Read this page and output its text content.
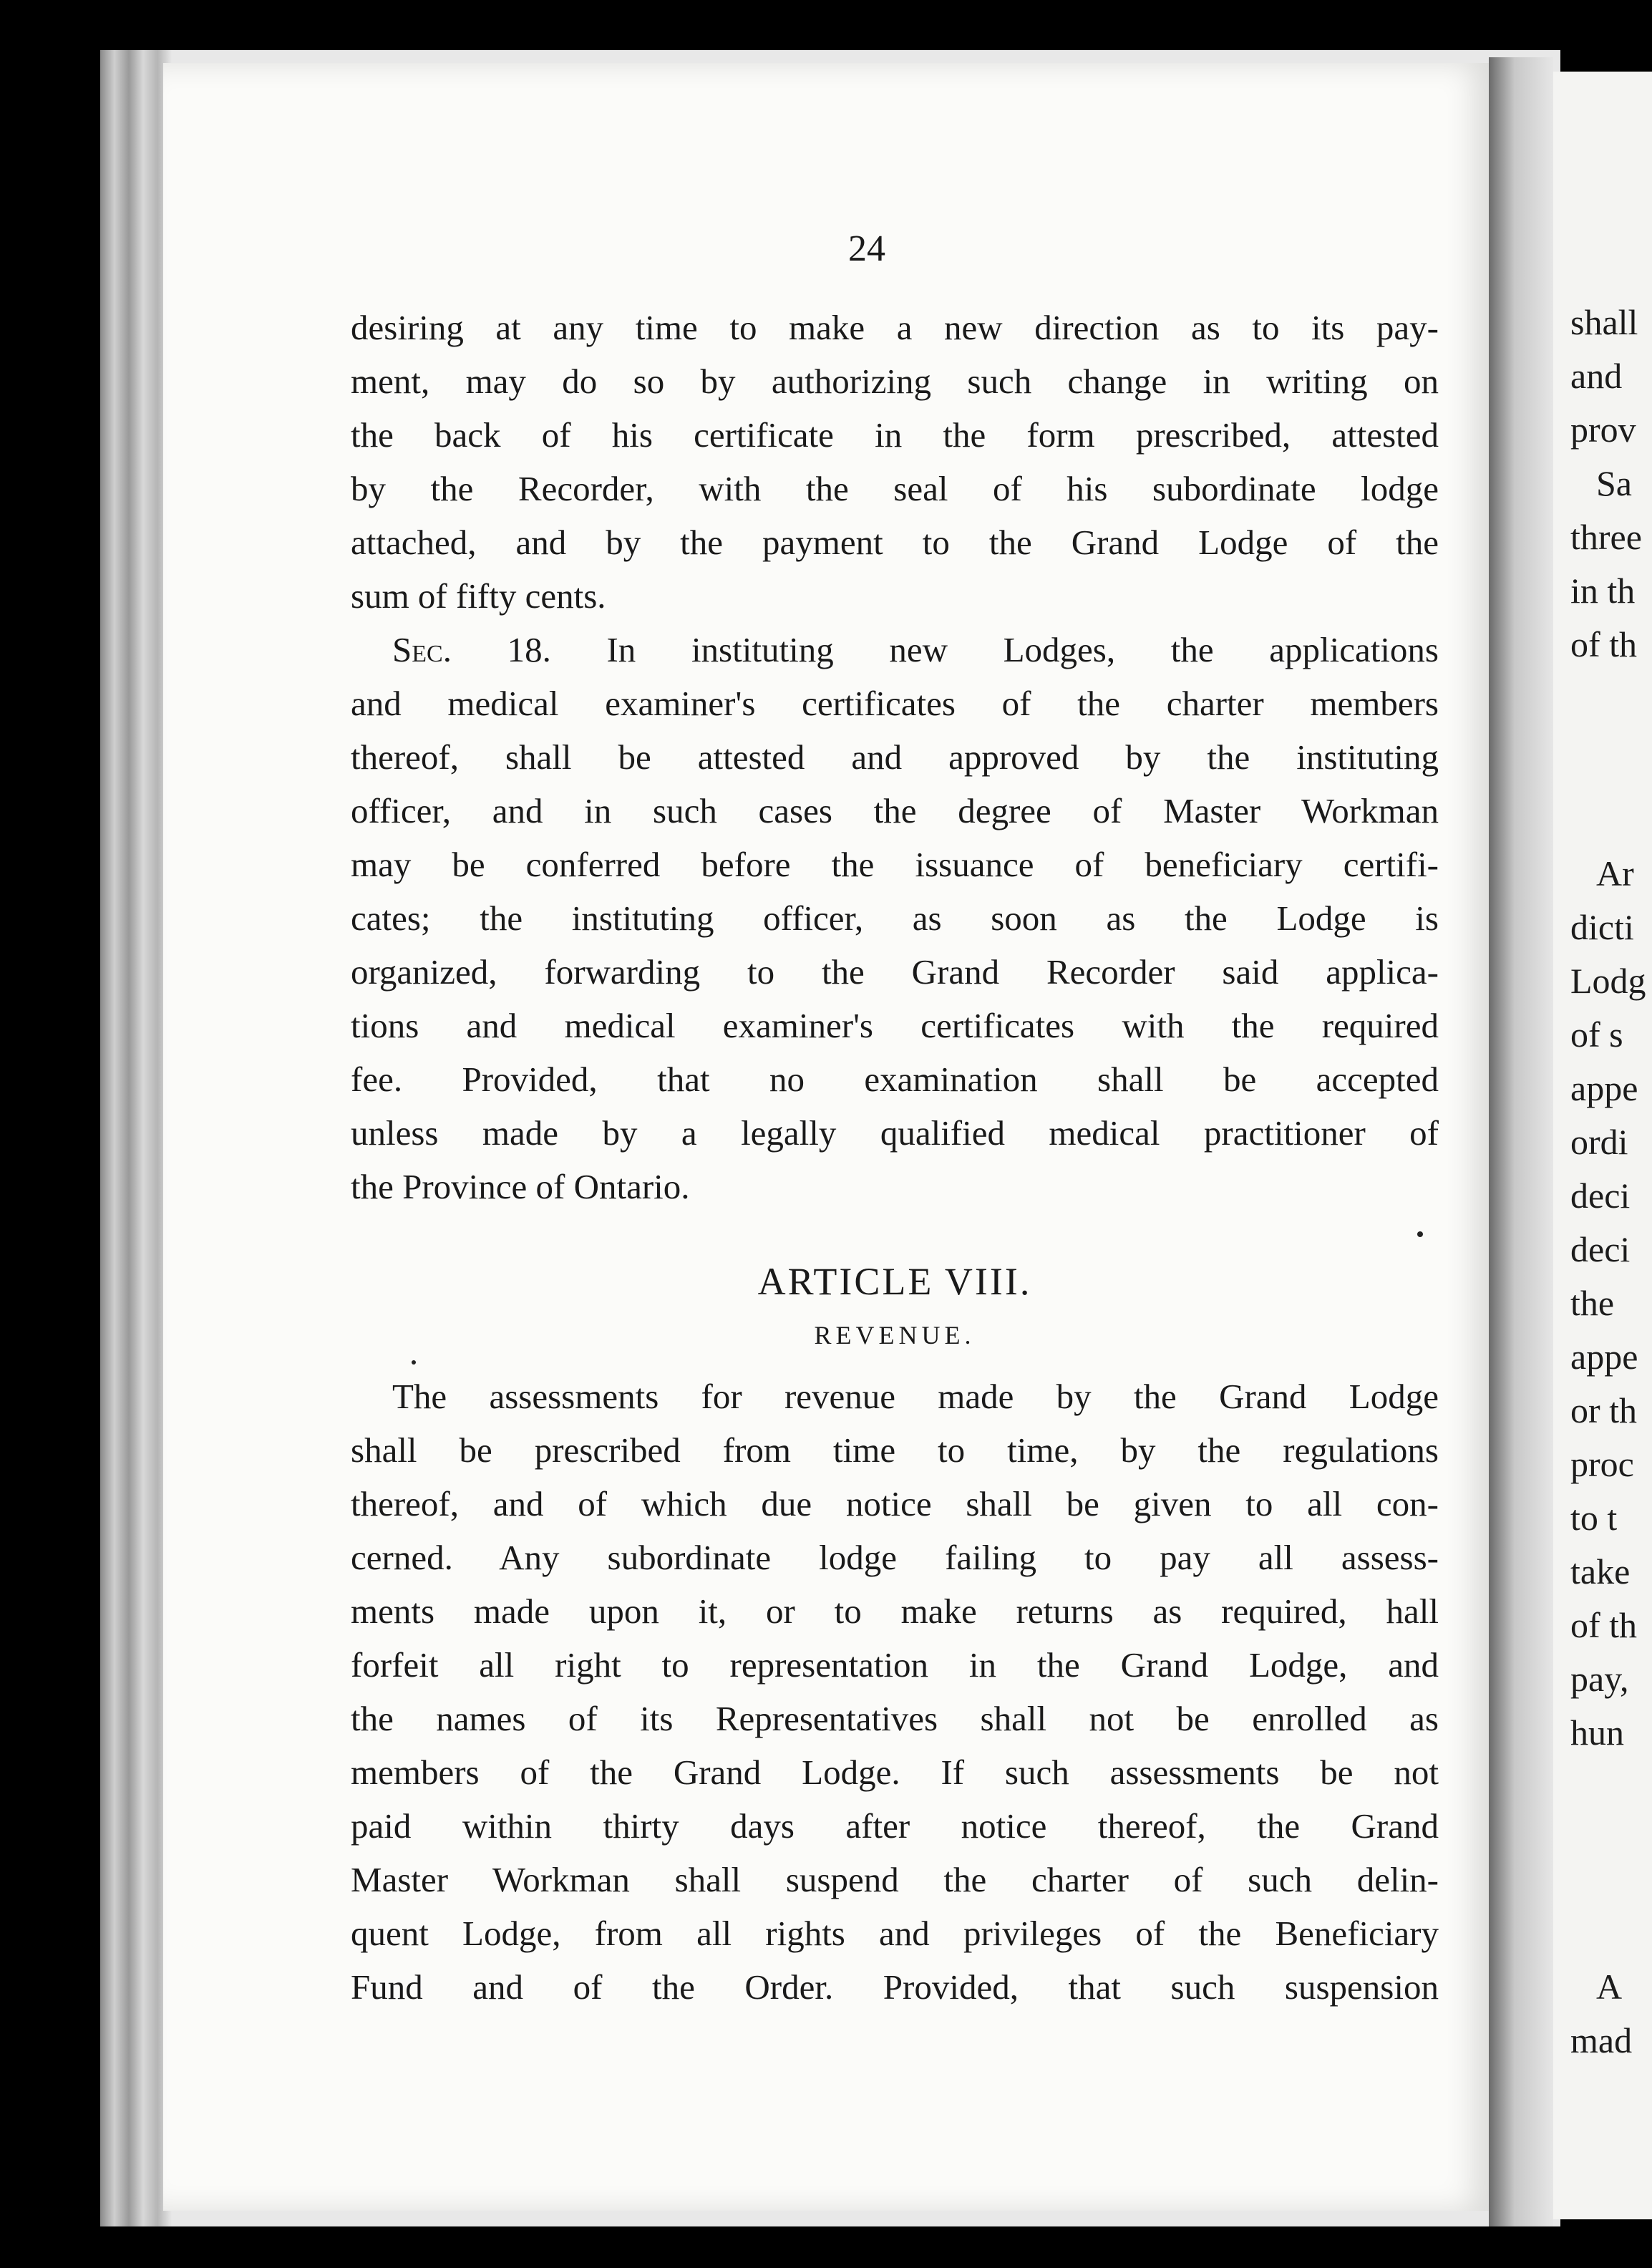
24
desiring at any time to make a new direction as to its pay-
ment, may do so by authorizing such change in writing on
the back of his certificate in the form prescribed, attested
by the Recorder, with the seal of his subordinate lodge
attached, and by the payment to the Grand Lodge of the
sum of fifty cents.
Sec. 18. In instituting new Lodges, the applications
and medical examiner's certificates of the charter members
thereof, shall be attested and approved by the instituting
officer, and in such cases the degree of Master Workman
may be conferred before the issuance of beneficiary certifi-
cates; the instituting officer, as soon as the Lodge is
organized, forwarding to the Grand Recorder said applica-
tions and medical examiner's certificates with the required
fee. Provided, that no examination shall be accepted
unless made by a legally qualified medical practitioner of
the Province of Ontario.
ARTICLE VIII.
REVENUE.
The assessments for revenue made by the Grand Lodge
shall be prescribed from time to time, by the regulations
thereof, and of which due notice shall be given to all con-
cerned. Any subordinate lodge failing to pay all assess-
ments made upon it, or to make returns as required, hall
forfeit all right to representation in the Grand Lodge, and
the names of its Representatives shall not be enrolled as
members of the Grand Lodge. If such assessments be not
paid within thirty days after notice thereof, the Grand
Master Workman shall suspend the charter of such delin-
quent Lodge, from all rights and privileges of the Beneficiary
Fund and of the Order. Provided, that such suspension
shall
and
prov
Sa
three
in th
of th
Ar
dicti
Lodg
of s
appe
ordi
deci
deci
the
appe
or th
proc
to t
take
of th
pay,
hun
A
mad
